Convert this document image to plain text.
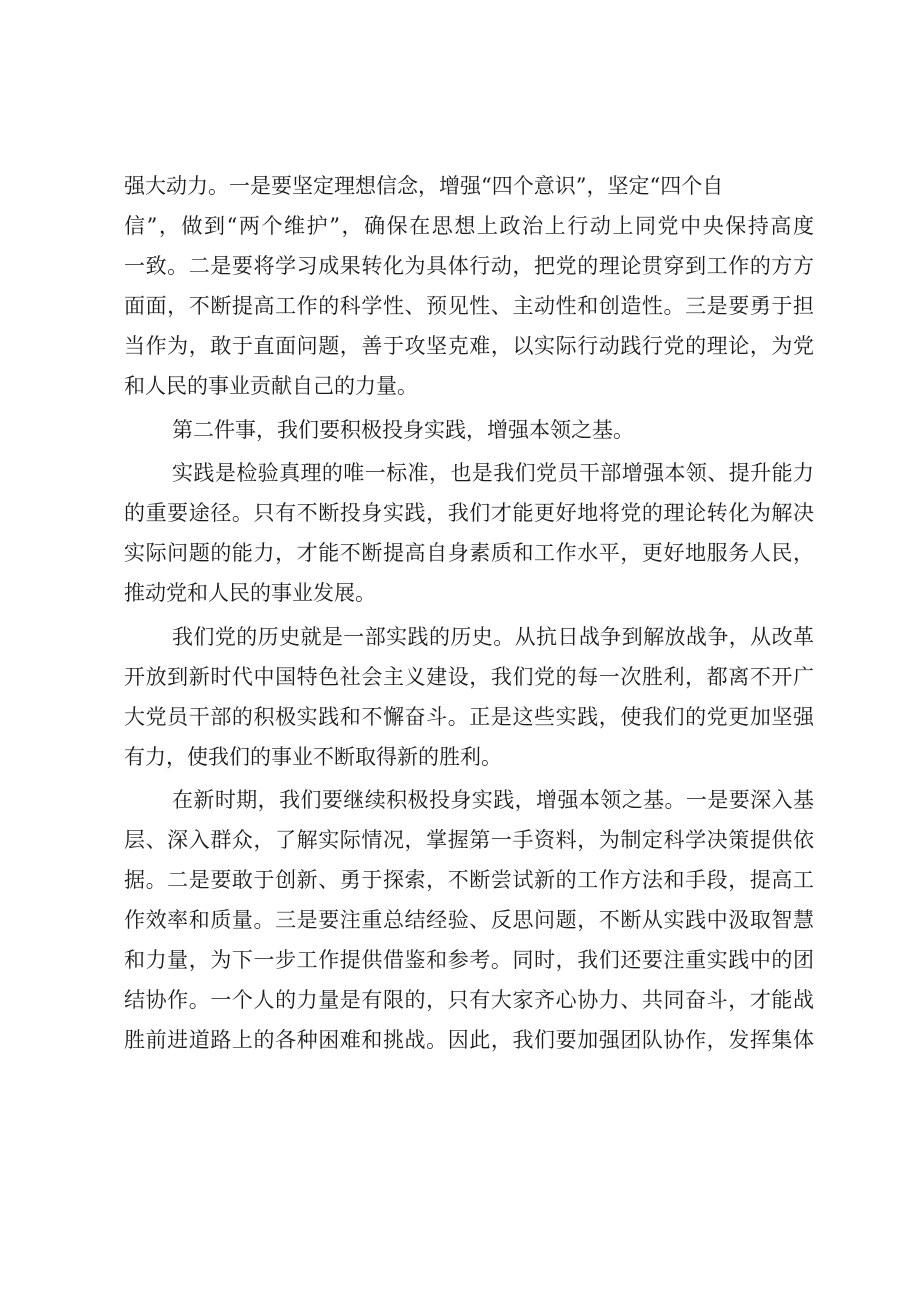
强大动力。一是要坚定理想信念，增强“四个意识”，坚定“四个自
信”，做到“两个维护”，确保在思想上政治上行动上同党中央保持高度
一致。二是要将学习成果转化为具体行动，把党的理论贯穿到工作的方方
面面，不断提高工作的科学性、预见性、主动性和创造性。三是要勇于担
当作为，敢于直面问题，善于攻坚克难，以实际行动践行党的理论，为党
和人民的事业贡献自己的力量。
第二件事，我们要积极投身实践，增强本领之基。
实践是检验真理的唯一标准，也是我们党员干部增强本领、提升能力
的重要途径。只有不断投身实践，我们才能更好地将党的理论转化为解决
实际问题的能力，才能不断提高自身素质和工作水平，更好地服务人民，
推动党和人民的事业发展。
我们党的历史就是一部实践的历史。从抗日战争到解放战争，从改革
开放到新时代中国特色社会主义建设，我们党的每一次胜利，都离不开广
大党员干部的积极实践和不懈奋斗。正是这些实践，使我们的党更加坚强
有力，使我们的事业不断取得新的胜利。
在新时期，我们要继续积极投身实践，增强本领之基。一是要深入基
层、深入群众，了解实际情况，掌握第一手资料，为制定科学决策提供依
据。二是要敢于创新、勇于探索，不断尝试新的工作方法和手段，提高工
作效率和质量。三是要注重总结经验、反思问题，不断从实践中汲取智慧
和力量，为下一步工作提供借鉴和参考。同时，我们还要注重实践中的团
结协作。一个人的力量是有限的，只有大家齐心协力、共同奋斗，才能战
胜前进道路上的各种困难和挑战。因此，我们要加强团队协作，发挥集体
